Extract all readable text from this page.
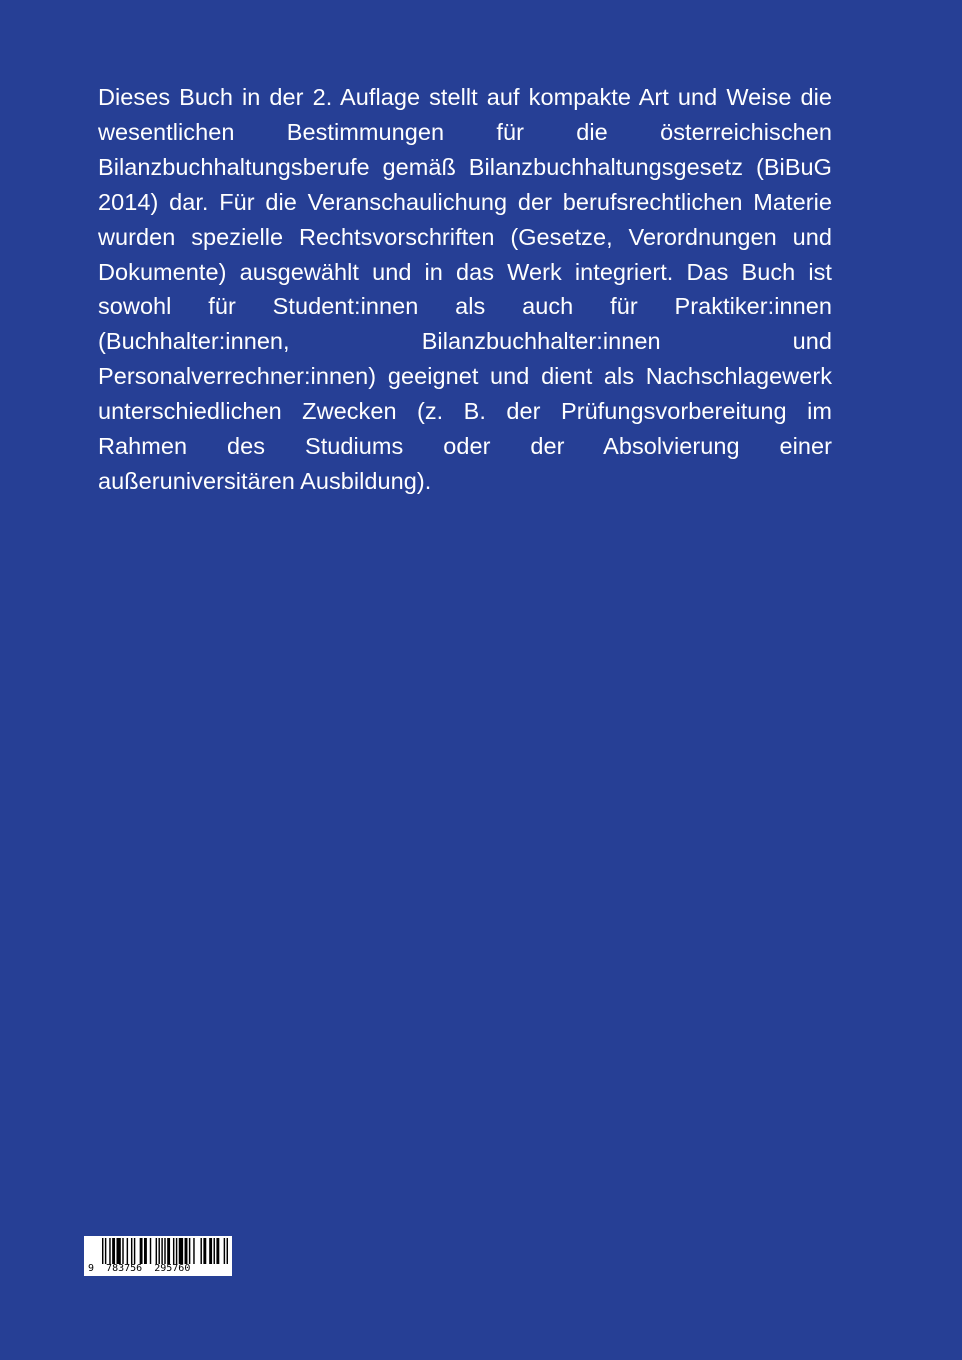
Dieses Buch in der 2. Auflage stellt auf kompakte Art und Weise die wesentlichen Bestimmungen für die österreichischen Bilanzbuchhaltungsberufe gemäß Bilanzbuchhaltungsgesetz (BiBuG 2014) dar. Für die Veranschaulichung der berufsrechtlichen Materie wurden spezielle Rechtsvorschriften (Gesetze, Verordnungen und Dokumente) ausgewählt und in das Werk integriert. Das Buch ist sowohl für Student:innen als auch für Praktiker:innen (Buchhalter:innen, Bilanzbuchhalter:innen und Personalverrechner:innen) geeignet und dient als Nachschlagewerk unterschiedlichen Zwecken (z. B. der Prüfungsvorbereitung im Rahmen des Studiums oder der Absolvierung einer außeruniversitären Ausbildung).

9  783756  295760
